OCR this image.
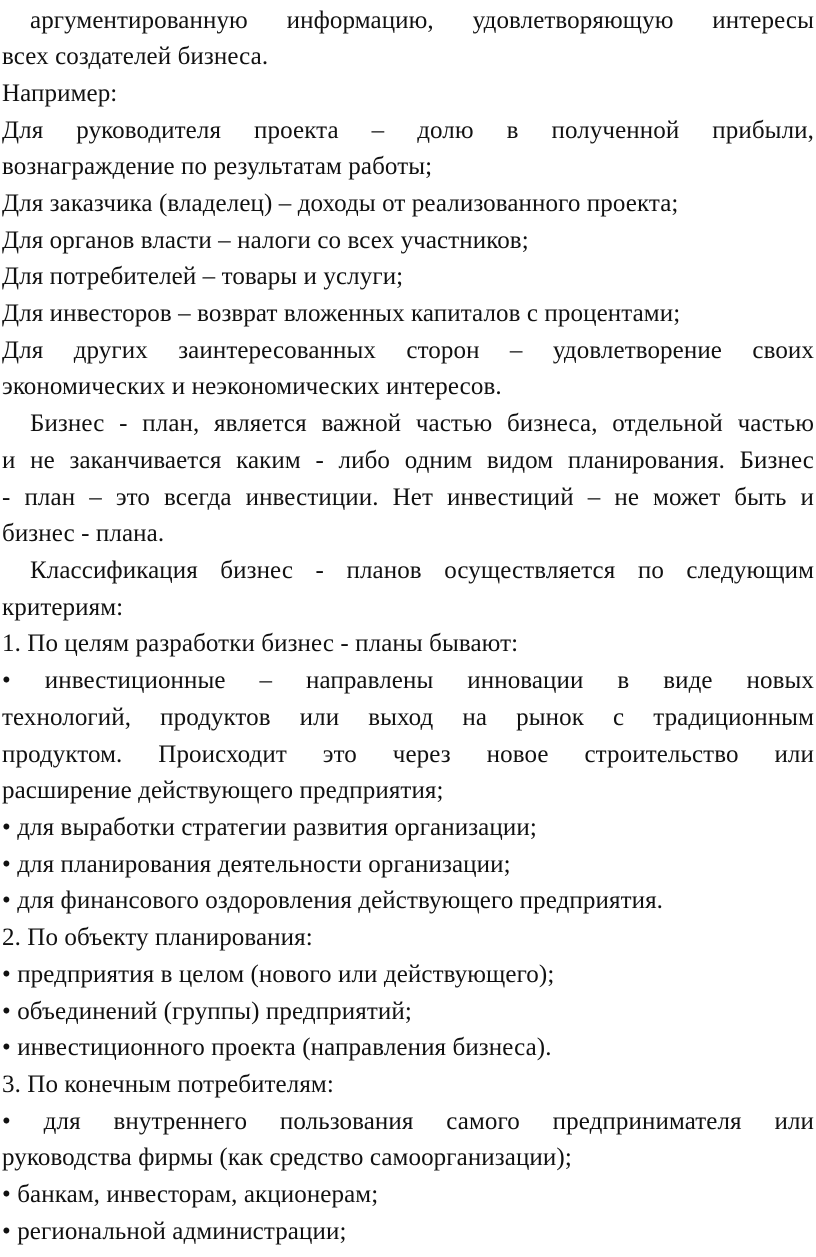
аргументированную информацию, удовлетворяющую интересы
всех создателей бизнеса.
Например:
Для руководителя проекта – долю в полученной прибыли,
вознаграждение по результатам работы;
Для заказчика (владелец) – доходы от реализованного проекта;
Для органов власти – налоги со всех участников;
Для потребителей – товары и услуги;
Для инвесторов – возврат вложенных капиталов с процентами;
Для других заинтересованных сторон – удовлетворение своих
экономических и неэкономических интересов.
Бизнес - план, является важной частью бизнеса, отдельной частью
и не заканчивается каким - либо одним видом планирования. Бизнес
- план – это всегда инвестиции. Нет инвестиций – не может быть и
бизнес - плана.
Классификация бизнес - планов осуществляется по следующим
критериям:
1. По целям разработки бизнес - планы бывают:
• инвестиционные – направлены инновации в виде новых
технологий, продуктов или выход на рынок с традиционным
продуктом. Происходит это через новое строительство или
расширение действующего предприятия;
• для выработки стратегии развития организации;
• для планирования деятельности организации;
• для финансового оздоровления действующего предприятия.
2. По объекту планирования:
• предприятия в целом (нового или действующего);
• объединений (группы) предприятий;
• инвестиционного проекта (направления бизнеса).
3. По конечным потребителям:
• для внутреннего пользования самого предпринимателя или
руководства фирмы (как средство самоорганизации);
• банкам, инвесторам, акционерам;
• региональной администрации;
